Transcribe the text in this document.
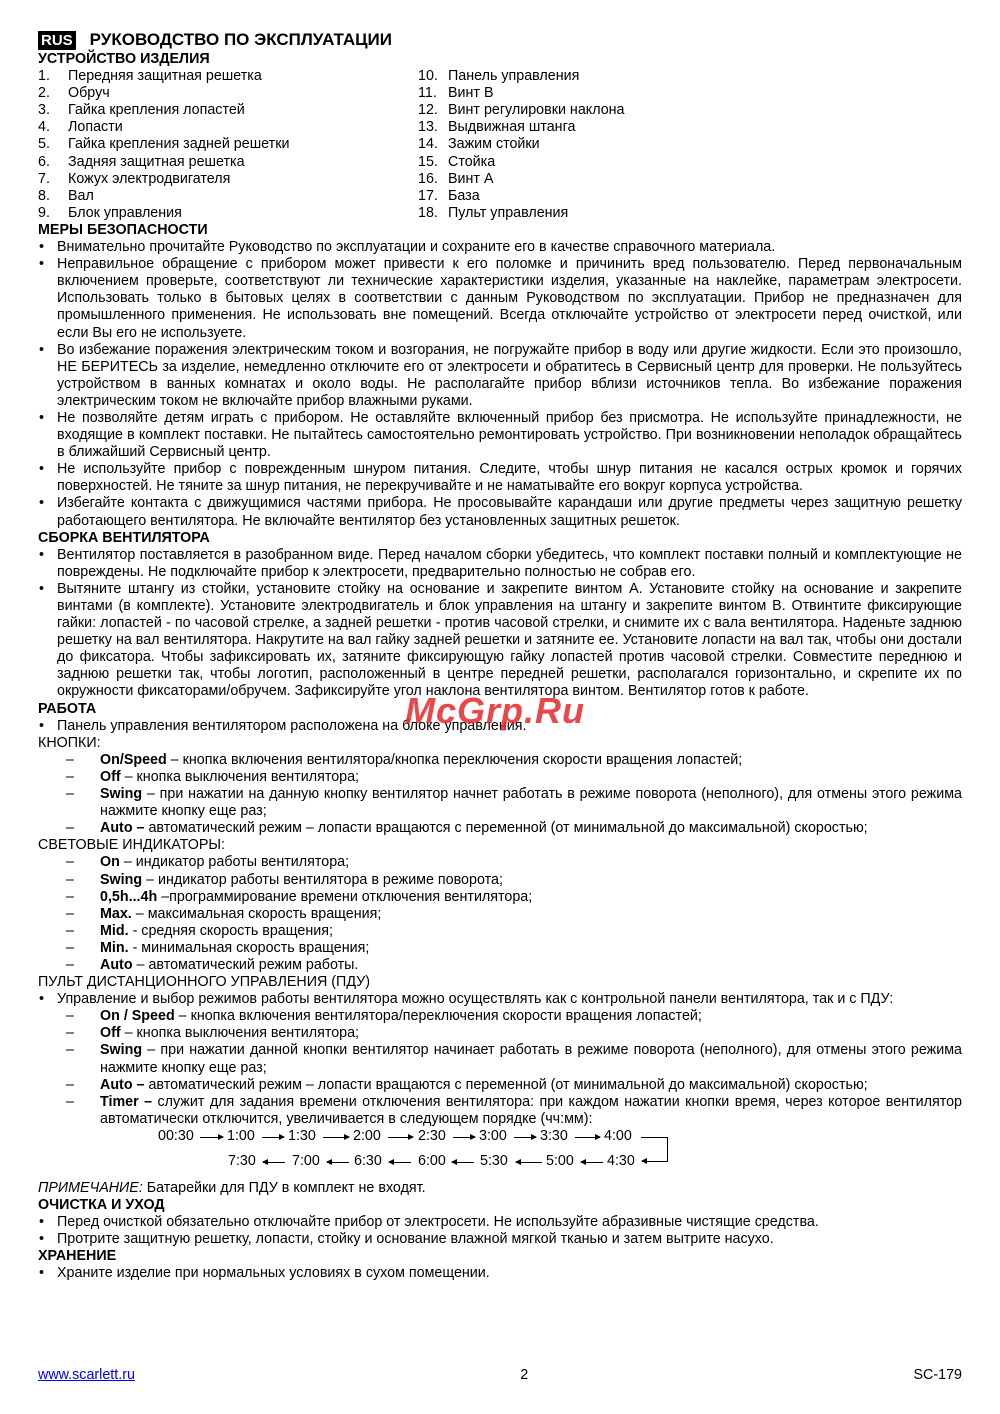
RUS РУКОВОДСТВО ПО ЭКСПЛУАТАЦИИ
УСТРОЙСТВО ИЗДЕЛИЯ
1.	Передняя защитная решетка
2.	Обруч
3.	Гайка крепления лопастей
4.	Лопасти
5.	Гайка крепления задней решетки
6.	Задняя защитная решетка
7.	Кожух электродвигателя
8.	Вал
9.	Блок управления
10. Панель управления
11. Винт B
12. Винт регулировки наклона
13. Выдвижная штанга
14. Зажим стойки
15. Стойка
16. Винт А
17. База
18. Пульт управления
МЕРЫ БЕЗОПАСНОСТИ
• Внимательно прочитайте Руководство по эксплуатации и сохраните его в качестве справочного материала.
• Неправильное обращение с прибором может привести к его поломке и причинить вред пользователю. Перед первоначальным включением проверьте, соответствуют ли технические характеристики изделия, указанные на наклейке, параметрам электросети. Использовать только в бытовых целях в соответствии с данным Руководством по эксплуатации. Прибор не предназначен для промышленного применения. Не использовать вне помещений. Всегда отключайте устройство от электросети перед очисткой, или если Вы его не используете.
• Во избежание поражения электрическим током и возгорания, не погружайте прибор в воду или другие жидкости. Если это произошло, НЕ БЕРИТЕСЬ за изделие, немедленно отключите его от электросети и обратитесь в Сервисный центр для проверки. Не пользуйтесь устройством в ванных комнатах и около воды. Не располагайте прибор вблизи источников тепла. Во избежание поражения электрическим током не включайте прибор влажными руками.
• Не позволяйте детям играть с прибором. Не оставляйте включенный прибор без присмотра. Не используйте принадлежности, не входящие в комплект поставки. Не пытайтесь самостоятельно ремонтировать устройство. При возникновении неполадок обращайтесь в ближайший Сервисный центр.
• Не используйте прибор с поврежденным шнуром питания. Следите, чтобы шнур питания не касался острых кромок и горячих поверхностей. Не тяните за шнур питания, не перекручивайте и не наматывайте его вокруг корпуса устройства.
• Избегайте контакта с движущимися частями прибора. Не просовывайте карандаши или другие предметы через защитную решетку работающего вентилятора. Не включайте вентилятор без установленных защитных решеток.
СБОРКА ВЕНТИЛЯТОРА
• Вентилятор поставляется в разобранном виде. Перед началом сборки убедитесь, что комплект поставки полный и комплектующие не повреждены. Не подключайте прибор к электросети, предварительно полностью не собрав его.
• Вытяните штангу из стойки, установите стойку на основание и закрепите винтом А. Установите стойку на основание и закрепите винтами (в комплекте). Установите электродвигатель и блок управления на штангу и закрепите винтом B. Отвинтите фиксирующие гайки: лопастей - по часовой стрелке, а задней решетки - против часовой стрелки, и снимите их с вала вентилятора. Наденьте заднюю решетку на вал вентилятора. Накрутите на вал гайку задней решетки и затяните ее. Установите лопасти на вал так, чтобы они достали до фиксатора. Чтобы зафиксировать их, затяните фиксирующую гайку лопастей против часовой стрелки. Совместите переднюю и заднюю решетки так, чтобы логотип, расположенный в центре передней решетки, располагался горизонтально, и скрепите их по окружности фиксаторами/обручем. Зафиксируйте угол наклона вентилятора винтом. Вентилятор готов к работе.
РАБОТА
• Панель управления вентилятором расположена на блоке управления.
КНОПКИ:
– On/Speed – кнопка включения вентилятора/кнопка переключения скорости вращения лопастей;
– Off – кнопка выключения вентилятора;
– Swing – при нажатии на данную кнопку вентилятор начнет работать в режиме поворота (неполного), для отмены этого режима нажмите кнопку еще раз;
– Auto – автоматический режим – лопасти вращаются с переменной (от минимальной до максимальной) скоростью;
СВЕТОВЫЕ ИНДИКАТОРЫ:
– On – индикатор работы вентилятора;
– Swing – индикатор работы вентилятора в режиме поворота;
– 0,5h...4h –программирование времени отключения вентилятора;
– Max. – максимальная скорость вращения;
– Mid. - средняя скорость вращения;
– Min. - минимальная скорость вращения;
– Auto – автоматический режим работы.
ПУЛЬТ ДИСТАНЦИОННОГО УПРАВЛЕНИЯ (ПДУ)
• Управление и выбор режимов работы вентилятора можно осуществлять как с контрольной панели вентилятора, так и с ПДУ:
– On / Speed – кнопка включения вентилятора/переключения скорости вращения лопастей;
– Off – кнопка выключения вентилятора;
– Swing – при нажатии данной кнопки вентилятор начинает работать в режиме поворота (неполного), для отмены этого режима нажмите кнопку еще раз;
– Auto – автоматический режим – лопасти вращаются с переменной (от минимальной до максимальной) скоростью;
– Timer – служит для задания времени отключения вентилятора: при каждом нажатии кнопки время, через которое вентилятор автоматически отключится, увеличивается в следующем порядке (чч:мм):
00:30 1:00 1:30	2:00	2:30 3:00 3:30	4:00
7:30	7:00 6:30	6:00 5:30	5:00 4:30
ПРИМЕЧАНИЕ: Батарейки для ПДУ в комплект не входят.
ОЧИСТКА И УХОД
• Перед очисткой обязательно отключайте прибор от электросети. Не используйте абразивные чистящие средства.
• Протрите защитную решетку, лопасти, стойку и основание влажной мягкой тканью и затем вытрите насухо.
ХРАНЕНИЕ
• Храните изделие при нормальных условиях в сухом помещении.
McGrp.Ru
www.scarlett.ru	2	SC-179
